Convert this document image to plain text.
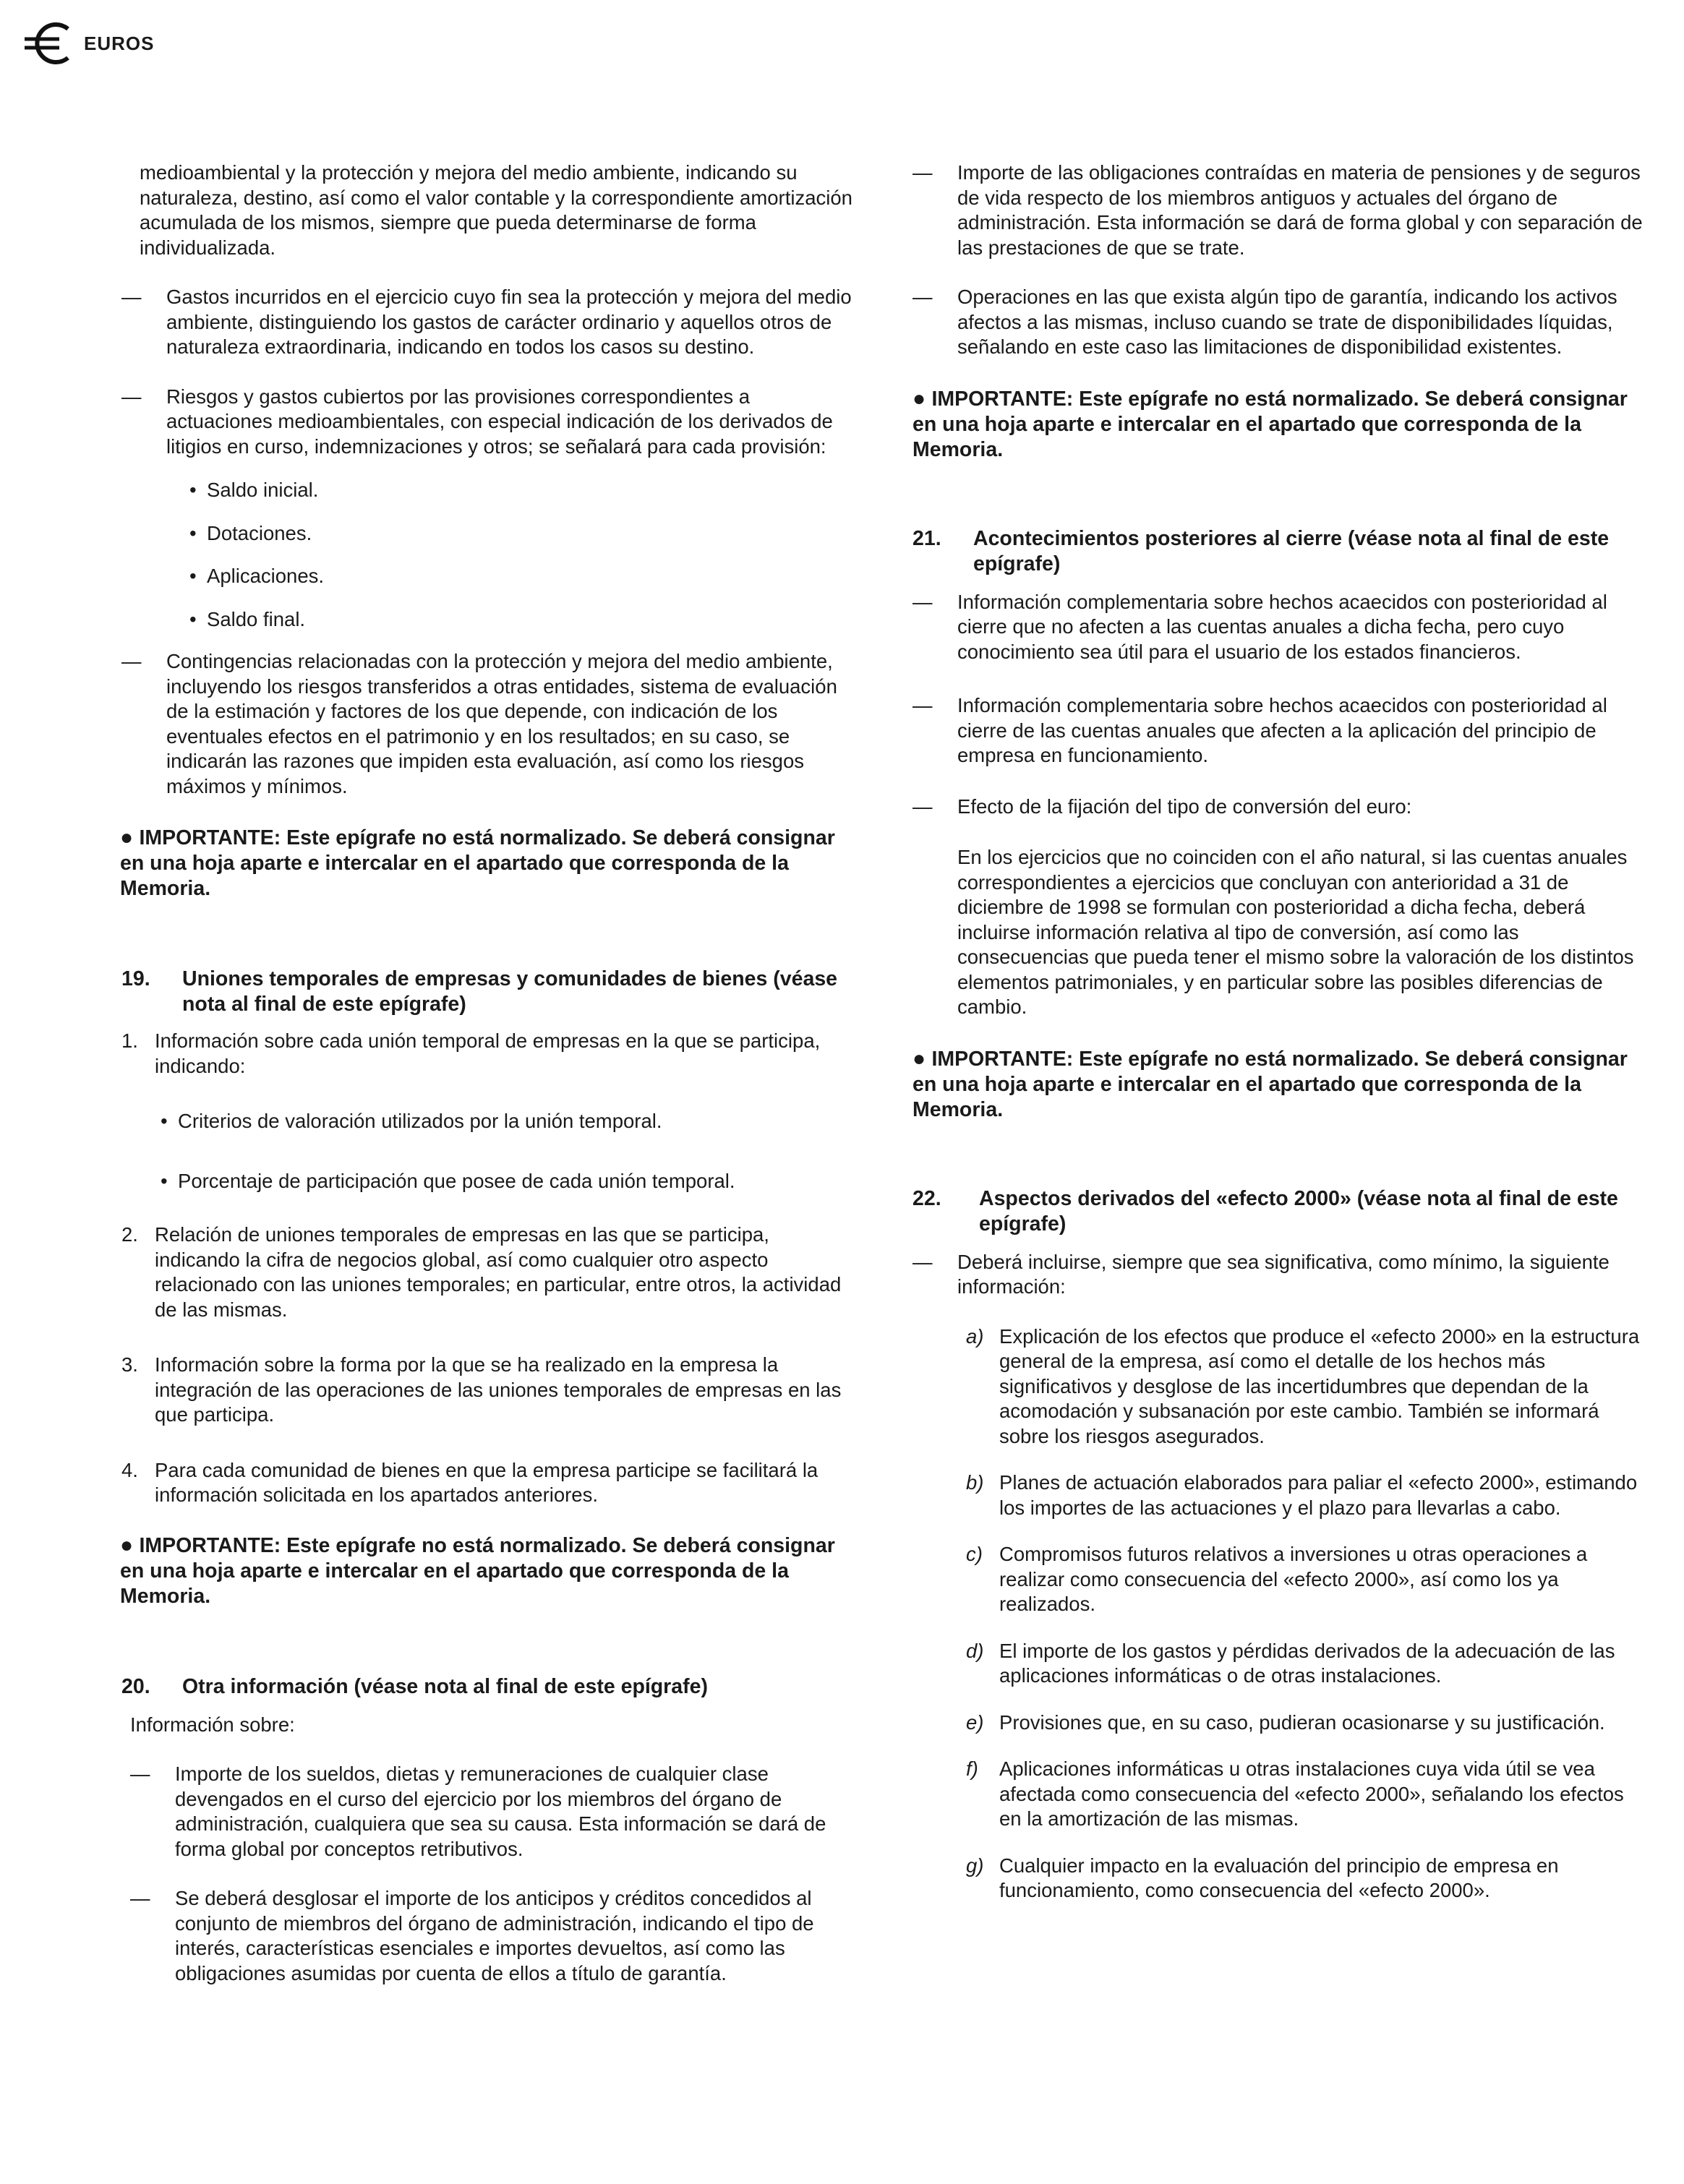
EUROS

medioambiental y la protección y mejora del medio ambiente, indicando su naturaleza, destino, así como el valor contable y la correspondiente amortización acumulada de los mismos, siempre que pueda determinarse de forma individualizada.

— Gastos incurridos en el ejercicio cuyo fin sea la protección y mejora del medio ambiente, distinguiendo los gastos de carácter ordinario y aquellos otros de naturaleza extraordinaria, indicando en todos los casos su destino.

— Riesgos y gastos cubiertos por las provisiones correspondientes a actuaciones medioambientales, con especial indicación de los derivados de litigios en curso, indemnizaciones y otros; se señalará para cada provisión:

• Saldo inicial.

• Dotaciones.

• Aplicaciones.

• Saldo final.

— Contingencias relacionadas con la protección y mejora del medio ambiente, incluyendo los riesgos transferidos a otras entidades, sistema de evaluación de la estimación y factores de los que depende, con indicación de los eventuales efectos en el patrimonio y en los resultados; en su caso, se indicarán las razones que impiden esta evaluación, así como los riesgos máximos y mínimos.

● IMPORTANTE: Este epígrafe no está normalizado. Se deberá consignar en una hoja aparte e intercalar en el apartado que corresponda de la Memoria.

19. Uniones temporales de empresas y comunidades de bienes (véase nota al final de este epígrafe)

1. Información sobre cada unión temporal de empresas en la que se participa, indicando:

• Criterios de valoración utilizados por la unión temporal.

• Porcentaje de participación que posee de cada unión temporal.

2. Relación de uniones temporales de empresas en las que se participa, indicando la cifra de negocios global, así como cualquier otro aspecto relacionado con las uniones temporales; en particular, entre otros, la actividad de las mismas.

3. Información sobre la forma por la que se ha realizado en la empresa la integración de las operaciones de las uniones temporales de empresas en las que participa.

4. Para cada comunidad de bienes en que la empresa participe se facilitará la información solicitada en los apartados anteriores.

● IMPORTANTE: Este epígrafe no está normalizado. Se deberá consignar en una hoja aparte e intercalar en el apartado que corresponda de la Memoria.

20. Otra información (véase nota al final de este epígrafe)

Información sobre:

— Importe de los sueldos, dietas y remuneraciones de cualquier clase devengados en el curso del ejercicio por los miembros del órgano de administración, cualquiera que sea su causa. Esta información se dará de forma global por conceptos retributivos.

— Se deberá desglosar el importe de los anticipos y créditos concedidos al conjunto de miembros del órgano de administración, indicando el tipo de interés, características esenciales e importes devueltos, así como las obligaciones asumidas por cuenta de ellos a título de garantía.

— Importe de las obligaciones contraídas en materia de pensiones y de seguros de vida respecto de los miembros antiguos y actuales del órgano de administración. Esta información se dará de forma global y con separación de las prestaciones de que se trate.

— Operaciones en las que exista algún tipo de garantía, indicando los activos afectos a las mismas, incluso cuando se trate de disponibilidades líquidas, señalando en este caso las limitaciones de disponibilidad existentes.

● IMPORTANTE: Este epígrafe no está normalizado. Se deberá consignar en una hoja aparte e intercalar en el apartado que corresponda de la Memoria.

21. Acontecimientos posteriores al cierre (véase nota al final de este epígrafe)

— Información complementaria sobre hechos acaecidos con posterioridad al cierre que no afecten a las cuentas anuales a dicha fecha, pero cuyo conocimiento sea útil para el usuario de los estados financieros.

— Información complementaria sobre hechos acaecidos con posterioridad al cierre de las cuentas anuales que afecten a la aplicación del principio de empresa en funcionamiento.

— Efecto de la fijación del tipo de conversión del euro:

En los ejercicios que no coinciden con el año natural, si las cuentas anuales correspondientes a ejercicios que concluyan con anterioridad a 31 de diciembre de 1998 se formulan con posterioridad a dicha fecha, deberá incluirse información relativa al tipo de conversión, así como las consecuencias que pueda tener el mismo sobre la valoración de los distintos elementos patrimoniales, y en particular sobre las posibles diferencias de cambio.

● IMPORTANTE: Este epígrafe no está normalizado. Se deberá consignar en una hoja aparte e intercalar en el apartado que corresponda de la Memoria.

22. Aspectos derivados del «efecto 2000» (véase nota al final de este epígrafe)

— Deberá incluirse, siempre que sea significativa, como mínimo, la siguiente información:

a) Explicación de los efectos que produce el «efecto 2000» en la estructura general de la empresa, así como el detalle de los hechos más significativos y desglose de las incertidumbres que dependan de la acomodación y subsanación por este cambio. También se informará sobre los riesgos asegurados.

b) Planes de actuación elaborados para paliar el «efecto 2000», estimando los importes de las actuaciones y el plazo para llevarlas a cabo.

c) Compromisos futuros relativos a inversiones u otras operaciones a realizar como consecuencia del «efecto 2000», así como los ya realizados.

d) El importe de los gastos y pérdidas derivados de la adecuación de las aplicaciones informáticas o de otras instalaciones.

e) Provisiones que, en su caso, pudieran ocasionarse y su justificación.

f) Aplicaciones informáticas u otras instalaciones cuya vida útil se vea afectada como consecuencia del «efecto 2000», señalando los efectos en la amortización de las mismas.

g) Cualquier impacto en la evaluación del principio de empresa en funcionamiento, como consecuencia del «efecto 2000».
